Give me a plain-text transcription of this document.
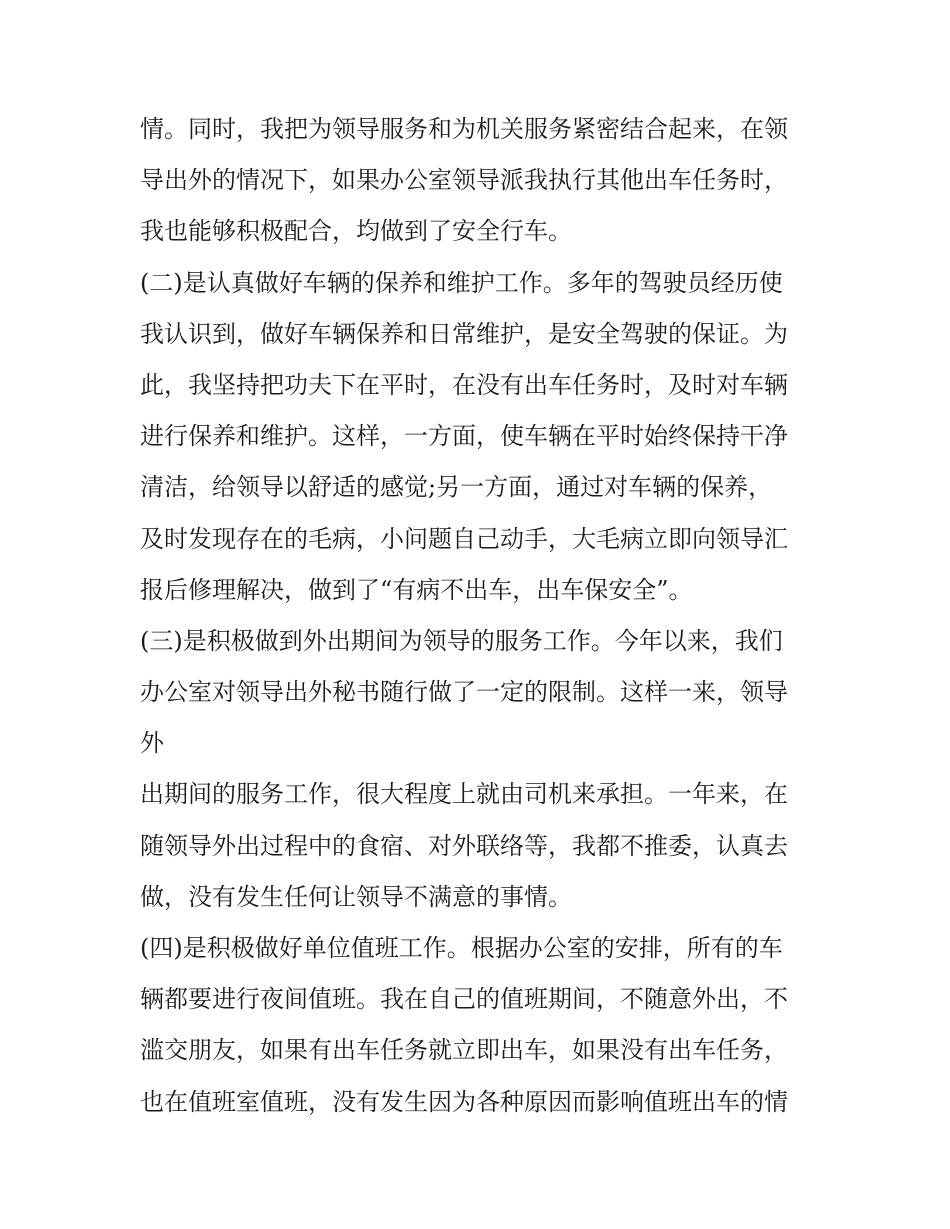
情。同时，我把为领导服务和为机关服务紧密结合起来，在领
导出外的情况下，如果办公室领导派我执行其他出车任务时，
我也能够积极配合，均做到了安全行车。
(二)是认真做好车辆的保养和维护工作。多年的驾驶员经历使
我认识到，做好车辆保养和日常维护，是安全驾驶的保证。为
此，我坚持把功夫下在平时，在没有出车任务时，及时对车辆
进行保养和维护。这样，一方面，使车辆在平时始终保持干净
清洁，给领导以舒适的感觉;另一方面，通过对车辆的保养，
及时发现存在的毛病，小问题自己动手，大毛病立即向领导汇
报后修理解决，做到了“有病不出车，出车保安全”。
(三)是积极做到外出期间为领导的服务工作。今年以来，我们
办公室对领导出外秘书随行做了一定的限制。这样一来，领导
外
出期间的服务工作，很大程度上就由司机来承担。一年来，在
随领导外出过程中的食宿、对外联络等，我都不推委，认真去
做，没有发生任何让领导不满意的事情。
(四)是积极做好单位值班工作。根据办公室的安排，所有的车
辆都要进行夜间值班。我在自己的值班期间，不随意外出，不
滥交朋友，如果有出车任务就立即出车，如果没有出车任务，
也在值班室值班，没有发生因为各种原因而影响值班出车的情
